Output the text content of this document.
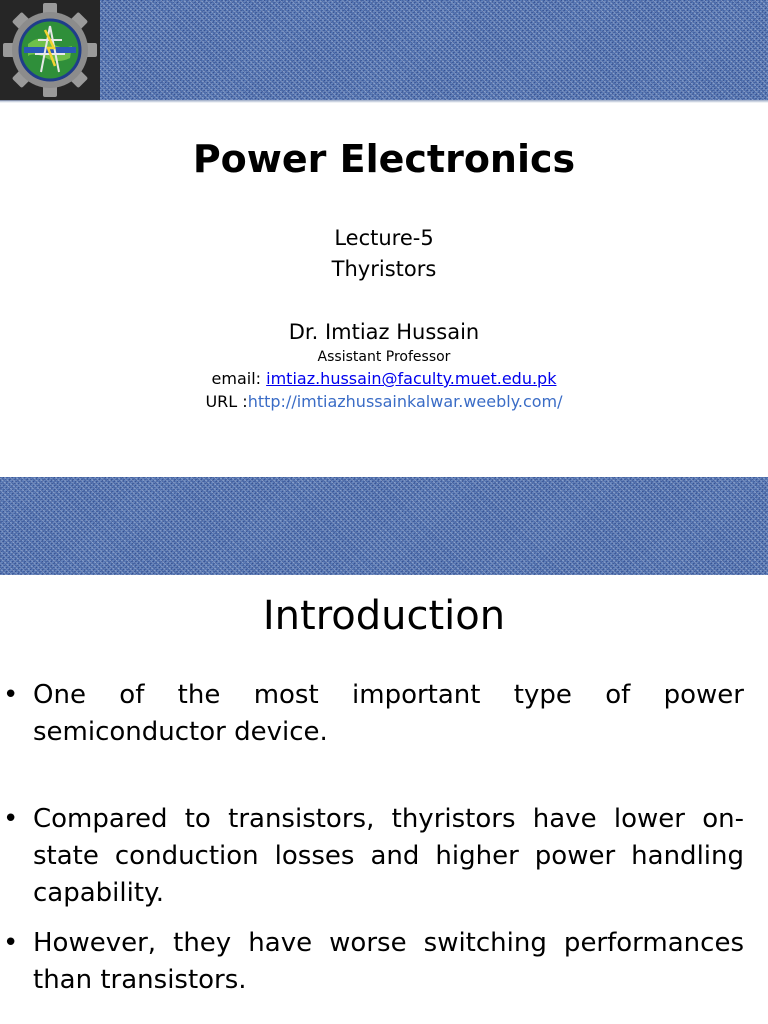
Power Electronics
Lecture-5
Thyristors
Dr. Imtiaz Hussain
Assistant Professor
email: imtiaz.hussain@faculty.muet.edu.pk
URL :http://imtiazhussainkalwar.weebly.com/
Introduction
• One of the most important type of power semiconductor device.
• Compared to transistors, thyristors have lower on-state conduction losses and higher power handling capability.
• However, they have worse switching performances than transistors.
